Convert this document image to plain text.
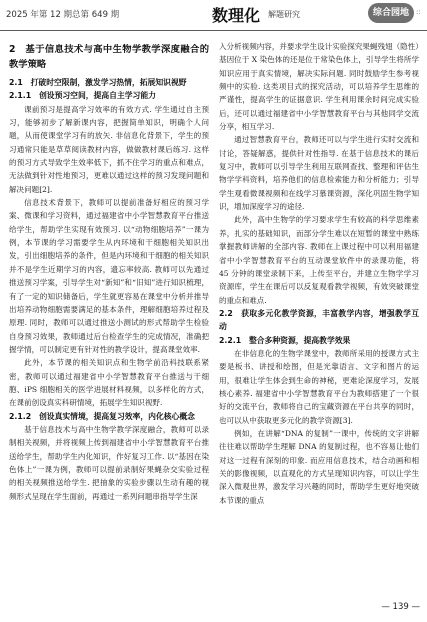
2025 年第 12 期总第 649 期	数理化 解题研究	综合园地	::
2　基于信息技术与高中生物学教学深度融合的教学策略
2.1　打破时空限制，激发学习热情，拓展知识视野
2.1.1　创设预习空间，提高自主学习能力

课前预习是提高学习效率的有效方式. 学生通过自主预习，能够初步了解新课内容，把握简单知识，明确个人问题，从而使课堂学习有的放矢. 非信息化背景下，学生的预习通常只能是草草阅读教材内容，做做教材课后练习. 这样的预习方式导致学生效率低下，抓不住学习的重点和难点，无法做到针对性地预习，更难以通过这样的预习发现问题和解决问题[2].

信息技术背景下，教师可以提前准备好相应的预习学案、微课和学习资料，通过福建省中小学智慧教育平台推送给学生，帮助学生实现有效预习. 以“动物细胞培养”一课为例，本节课的学习需要学生从内环境和干细胞相关知识出发，引出细胞培养的条件，但是内环境和干细胞的相关知识并不是学生近期学习的内容，遗忘率较高. 教师可以先通过推送预习学案，引导学生对“新知”和“旧知”进行知识梳理，有了一定的知识储备后，学生就更容易在课堂中分析并推导出培养动物细胞需要满足的基本条件，理解细胞培养过程及原理. 同时，教师可以通过推送小测试的形式帮助学生检验自身预习效果，教师通过后台检查学生的完成情况，准确把握学情，可以制定更有针对性的教学设计，提高课堂效率.

此外，本节课的相关知识点和生物学前沿科技联系紧密，教师可以通过福建省中小学智慧教育平台推送与干细胞、iPS 细胞相关的医学进展材料视频，以多样化的方式，在课前创设真实科研情境，拓展学生知识视野.

2.1.2　创设真实情境，提高复习效率，内化核心概念

基于信息技术与高中生物学教学深度融合，教师可以录制相关视频，并将视频上传到福建省中小学智慧教育平台推送给学生，帮助学生内化知识，作好复习工作. 以“基因在染色体上”一课为例，教师可以提前录制好果蝇杂交实验过程的相关视频推送给学生. 把抽象的实验步骤以生动有趣的视频形式呈现在学生面前，再通过一系列问题串指导学生深

入分析视频内容，并要求学生设计实验探究果蝇残翅（隐性）基因位于 X 染色体的还是位于常染色体上，引导学生将所学知识应用于真实情境，解决实际问题. 同时鼓励学生参考视频中的实验. 这类项目式的探究活动，可以培养学生思维的严谨性，提高学生的证据意识. 学生利用课余时间完成实验后，还可以通过福建省中小学智慧教育平台与其他同学交流分享，相互学习.

通过智慧教育平台，教师还可以与学生进行实时交流和讨论，答疑解惑，提供针对性指导. 在基于信息技术的课后复习中，教师可以引导学生利用互联网查找、整理和评估生物学学科资料，培养他们的信息检索能力和分析能力；引导学生观看微课视频和在线学习慕课资源，深化巩固生物学知识，增加深度学习的途径.

此外，高中生物学的学习要求学生有较高的科学思维素养，扎实的基础知识，而部分学生难以在短暂的课堂中熟练掌握教师讲解的全部内容. 教师在上课过程中可以利用福建省中小学智慧教育平台的互动课堂软件中的录课功能，将 45 分钟的课堂录制下来，上传至平台，并建立生物学学习资源库，学生在课后可以反复观看教学视频，有效突破课堂的重点和难点.

2.2　获取多元化教学资源，丰富教学内容，增强教学互动
2.2.1　整合多种资源，提高教学效果

在非信息化的生物学课堂中，教师所采用的授课方式主要是板书、讲授和绘图，但是光靠语言、文字和图片的运用，很难让学生体会到生命的神秘，更难论深度学习，发展核心素养. 福建省中小学智慧教育平台为教师搭建了一个很好的交流平台，教师将自己的宝藏资源在平台共享的同时，也可以从中获取更多元化的教学资源[3].

例如，在讲解“DNA 的复制”一课中，传统的文字讲解往往难以帮助学生理解 DNA 的复制过程，也不容易让他们对这一过程有深刻的印象. 而应用信息技术，结合动画和相关的影像视频，以直观化的方式呈现知识内容，可以让学生深入微观世界，激发学习兴趣的同时，帮助学生更好地突破本节课的重点

— 139 —
